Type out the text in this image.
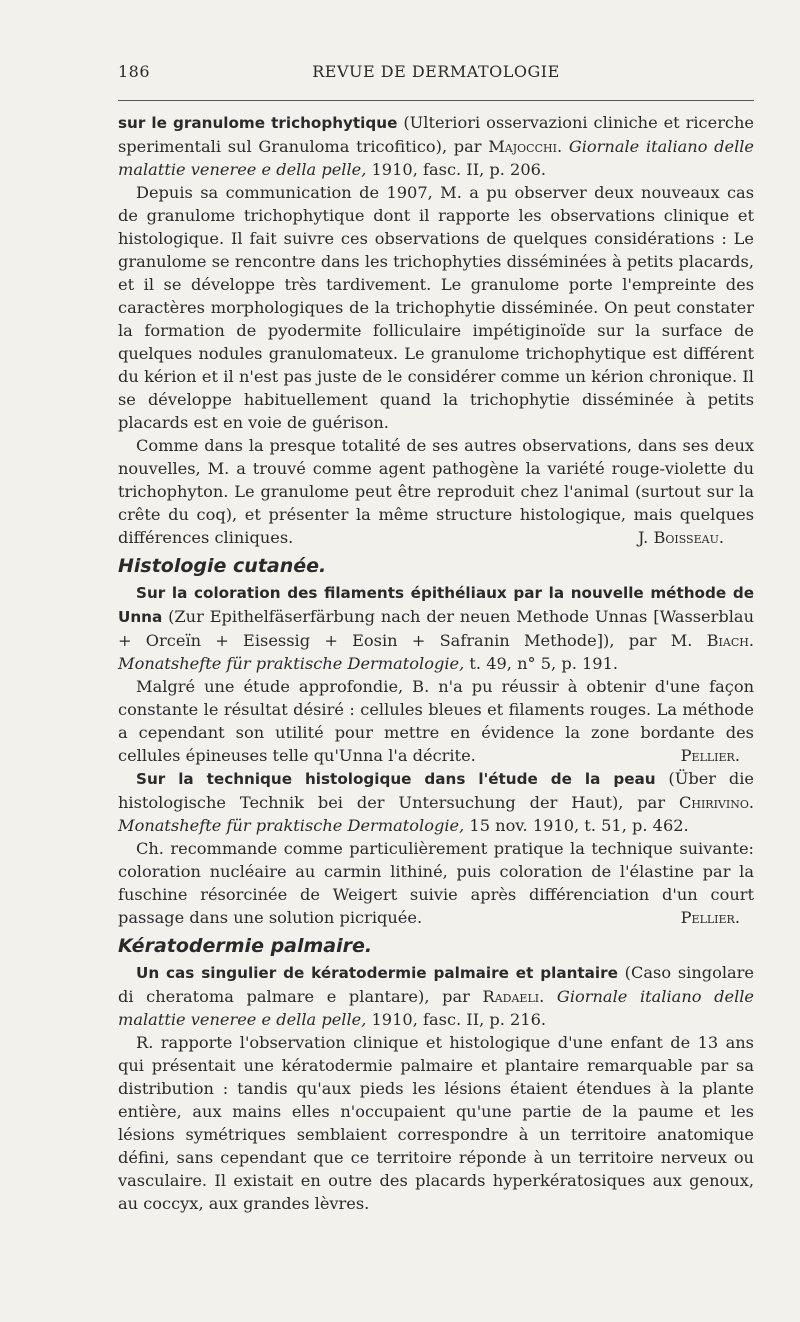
186	REVUE DE DERMATOLOGIE

sur le granulome trichophytique (Ulteriori osservazioni cliniche et ricerche sperimentali sul Granuloma tricofitico), par Majocchi. Giornale italiano delle malattie veneree e della pelle, 1910, fasc. II, p. 206.

Depuis sa communication de 1907, M. a pu observer deux nouveaux cas de granulome trichophytique dont il rapporte les observations clinique et histologique. Il fait suivre ces observations de quelques considérations : Le granulome se rencontre dans les trichophyties disséminées à petits placards, et il se développe très tardivement. Le granulome porte l'empreinte des caractères morphologiques de la trichophytie disséminée. On peut constater la formation de pyodermite folliculaire impétiginoïde sur la surface de quelques nodules granulomateux. Le granulome trichophytique est différent du kérion et il n'est pas juste de le considérer comme un kérion chronique. Il se développe habituellement quand la trichophytie disséminée à petits placards est en voie de guérison.

Comme dans la presque totalité de ses autres observations, dans ses deux nouvelles, M. a trouvé comme agent pathogène la variété rouge-violette du trichophyton. Le granulome peut être reproduit chez l'animal (surtout sur la crête du coq), et présenter la même structure histologique, mais quelques différences cliniques.	J. Boisseau.

Histologie cutanée.

Sur la coloration des filaments épithéliaux par la nouvelle méthode de Unna (Zur Epithelfäserfärbung nach der neuen Methode Unnas [Wasserblau + Orceïn + Eisessig + Eosin + Safranin Methode]), par M. Biach. Monatshefte für praktische Dermatologie, t. 49, n° 5, p. 191.

Malgré une étude approfondie, B. n'a pu réussir à obtenir d'une façon constante le résultat désiré : cellules bleues et filaments rouges. La méthode a cependant son utilité pour mettre en évidence la zone bordante des cellules épineuses telle qu'Unna l'a décrite.	Pellier.

Sur la technique histologique dans l'étude de la peau (Über die histologische Technik bei der Untersuchung der Haut), par Chirivino. Monatshefte für praktische Dermatologie, 15 nov. 1910, t. 51, p. 462.

Ch. recommande comme particulièrement pratique la technique suivante: coloration nucléaire au carmin lithiné, puis coloration de l'élastine par la fuschine résorcinée de Weigert suivie après différenciation d'un court passage dans une solution picriquée.	Pellier.

Kératodermie palmaire.

Un cas singulier de kératodermie palmaire et plantaire (Caso singolare di cheratoma palmare e plantare), par Radaeli. Giornale italiano delle malattie veneree e della pelle, 1910, fasc. II, p. 216.

R. rapporte l'observation clinique et histologique d'une enfant de 13 ans qui présentait une kératodermie palmaire et plantaire remarquable par sa distribution : tandis qu'aux pieds les lésions étaient étendues à la plante entière, aux mains elles n'occupaient qu'une partie de la paume et les lésions symétriques semblaient correspondre à un territoire anatomique défini, sans cependant que ce territoire réponde à un territoire nerveux ou vasculaire. Il existait en outre des placards hyperkératosiques aux genoux, au coccyx, aux grandes lèvres.
